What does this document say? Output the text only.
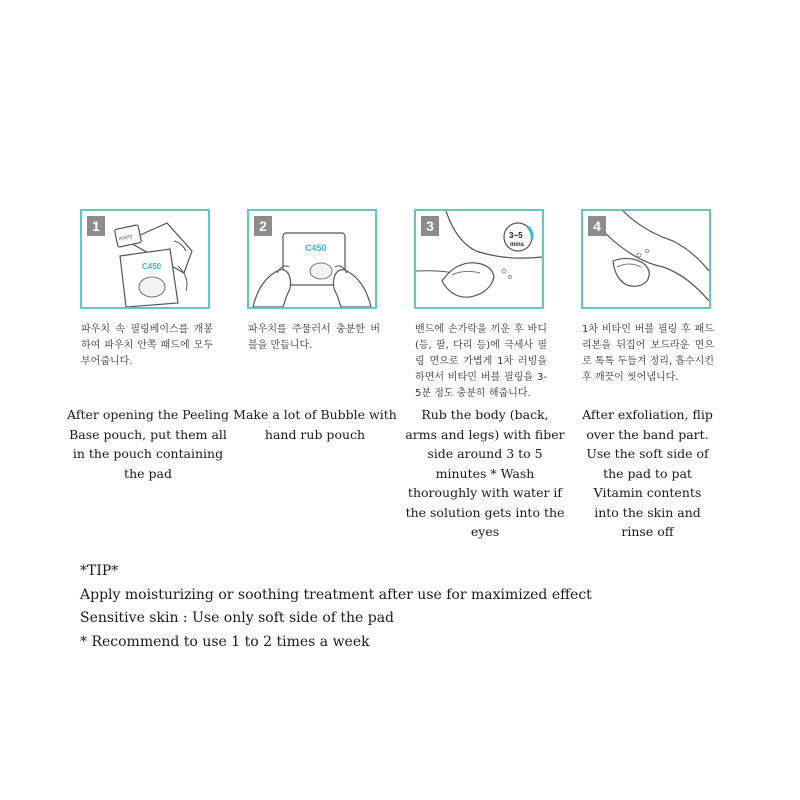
비타민
C450
1
C450
2
3~5
mins
3	4
파우치 속 필링베이스를 개봉하여 파우치 안쪽 패드에 모두 부어줍니다.
파우치를 주물러서 충분한 버블을 만듭니다.
밴드에 손가락을 끼운 후 바디(등, 팔, 다리 등)에 극세사 필링 면으로 가볍게 1차 러빙을 하면서 비타민 버블 필링을 3-5분 정도 충분히 해줍니다.
1차 비타민 버블 필링 후 패드리본을 뒤집어 보드라운 면으로 톡톡 두들겨 정리, 흡수시킨 후 깨끗이 씻어냅니다.
After opening the Peeling Base pouch, put them all in the pouch containing the pad
Make a lot of Bubble with hand rub pouch
Rub the body (back, arms and legs) with fiber side around 3 to 5 minutes * Wash thoroughly with water if the solution gets into the eyes
After exfoliation, flip over the band part. Use the soft side of the pad to pat Vitamin contents into the skin and rinse off
*TIP*
Apply moisturizing or soothing treatment after use for maximized effect
Sensitive skin : Use only soft side of the pad
* Recommend to use 1 to 2 times a week
